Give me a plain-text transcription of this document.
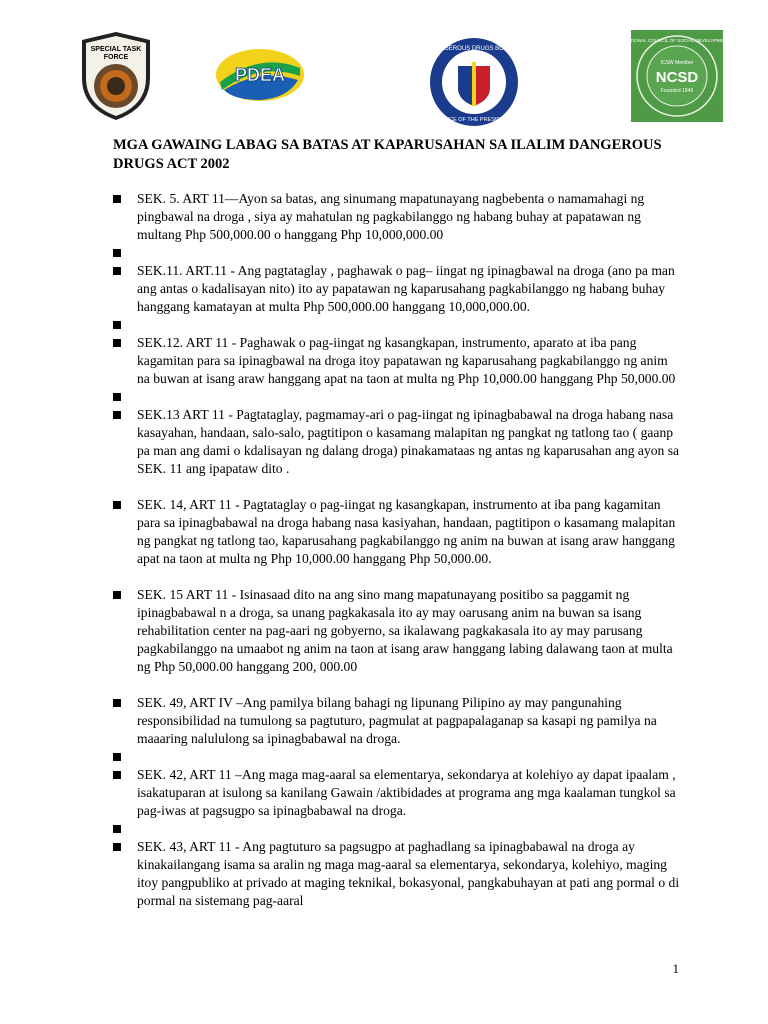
SPECIAL TASK
FORCE
PDEA
DANGEROUS DRUGS BOARD
OFFICE OF THE PRESIDENT
ICSW Member
NCSD
Founded 1949
NATIONAL COUNCIL OF SOCIAL DEVELOPMENT
MGA GAWAING LABAG SA BATAS AT KAPARUSAHAN SA ILALIM DANGEROUS DRUGS ACT 2002
SEK. 5. ART 11—Ayon sa batas, ang sinumang mapatunayang nagbebenta o namamahagi ng pingbawal na droga , siya ay mahatulan ng pagkabilanggo ng habang buhay at papatawan ng multang Php 500,000.00 o hanggang Php 10,000,000.00
SEK.11. ART.11 - Ang pagtataglay , paghawak o pag– iingat ng ipinagbawal na droga (ano pa man ang antas o kadalisayan nito) ito ay papatawan ng kaparusahang pagkabilanggo ng habang buhay hanggang kamatayan at multa Php 500,000.00 hanggang 10,000,000.00.
SEK.12. ART 11 - Paghawak o pag-iingat ng kasangkapan, instrumento, aparato at iba pang kagamitan para sa ipinagbawal na droga itoy papatawan ng kaparusahang pagkabilanggo ng anim na buwan at isang araw hanggang apat na taon at multa ng Php 10,000.00 hanggang Php 50,000.00
SEK.13 ART 11 - Pagtataglay, pagmamay-ari o pag-iingat ng ipinagbabawal na droga habang nasa kasayahan, handaan, salo-salo, pagtitipon o kasamang malapitan ng pangkat ng tatlong tao ( gaanp pa man ang dami o kdalisayan ng dalang droga) pinakamataas ng antas ng kaparusahan ang ayon sa SEK. 11 ang ipapataw dito .
SEK. 14, ART 11 - Pagtataglay o pag-iingat ng kasangkapan, instrumento at iba pang kagamitan para sa ipinagbabawal na droga habang nasa kasiyahan, handaan, pagtitipon o kasamang malapitan ng pangkat ng tatlong tao, kaparusahang pagkabilanggo ng anim na buwan at isang araw hanggang apat na taon at multa ng Php 10,000.00 hanggang Php 50,000.00.
SEK. 15 ART 11 - Isinasaad dito na ang sino mang mapatunayang positibo sa paggamit ng ipinagbabawal n a droga, sa unang pagkakasala ito ay may oarusang anim na buwan sa isang rehabilitation center na pag-aari ng gobyerno, sa ikalawang pagkakasala ito ay may parusang pagkabilanggo na umaabot ng anim na taon at isang araw hanggang labing dalawang taon at multa ng Php 50,000.00 hanggang 200, 000.00
SEK. 49, ART IV –Ang pamilya bilang bahagi ng lipunang Pilipino ay may pangunahing responsibilidad na tumulong sa pagtuturo, pagmulat at pagpapalaganap sa kasapi ng pamilya na maaaring nalululong sa ipinagbabawal na droga.
SEK. 42, ART 11 –Ang maga mag-aaral sa elementarya, sekondarya at kolehiyo ay dapat ipaalam , isakatuparan at isulong sa kanilang Gawain /aktibidades at programa ang mga kaalaman tungkol sa pag-iwas at pagsugpo sa ipinagbabawal na droga.
SEK. 43, ART 11 - Ang pagtuturo sa pagsugpo at paghadlang sa ipinagbabawal na droga ay kinakailangang isama sa aralin ng maga mag-aaral sa elementarya, sekondarya, kolehiyo, maging itoy pangpubliko at privado at maging teknikal, bokasyonal, pangkabuhayan at pati ang pormal o di pormal na sistemang pag-aaral
1
